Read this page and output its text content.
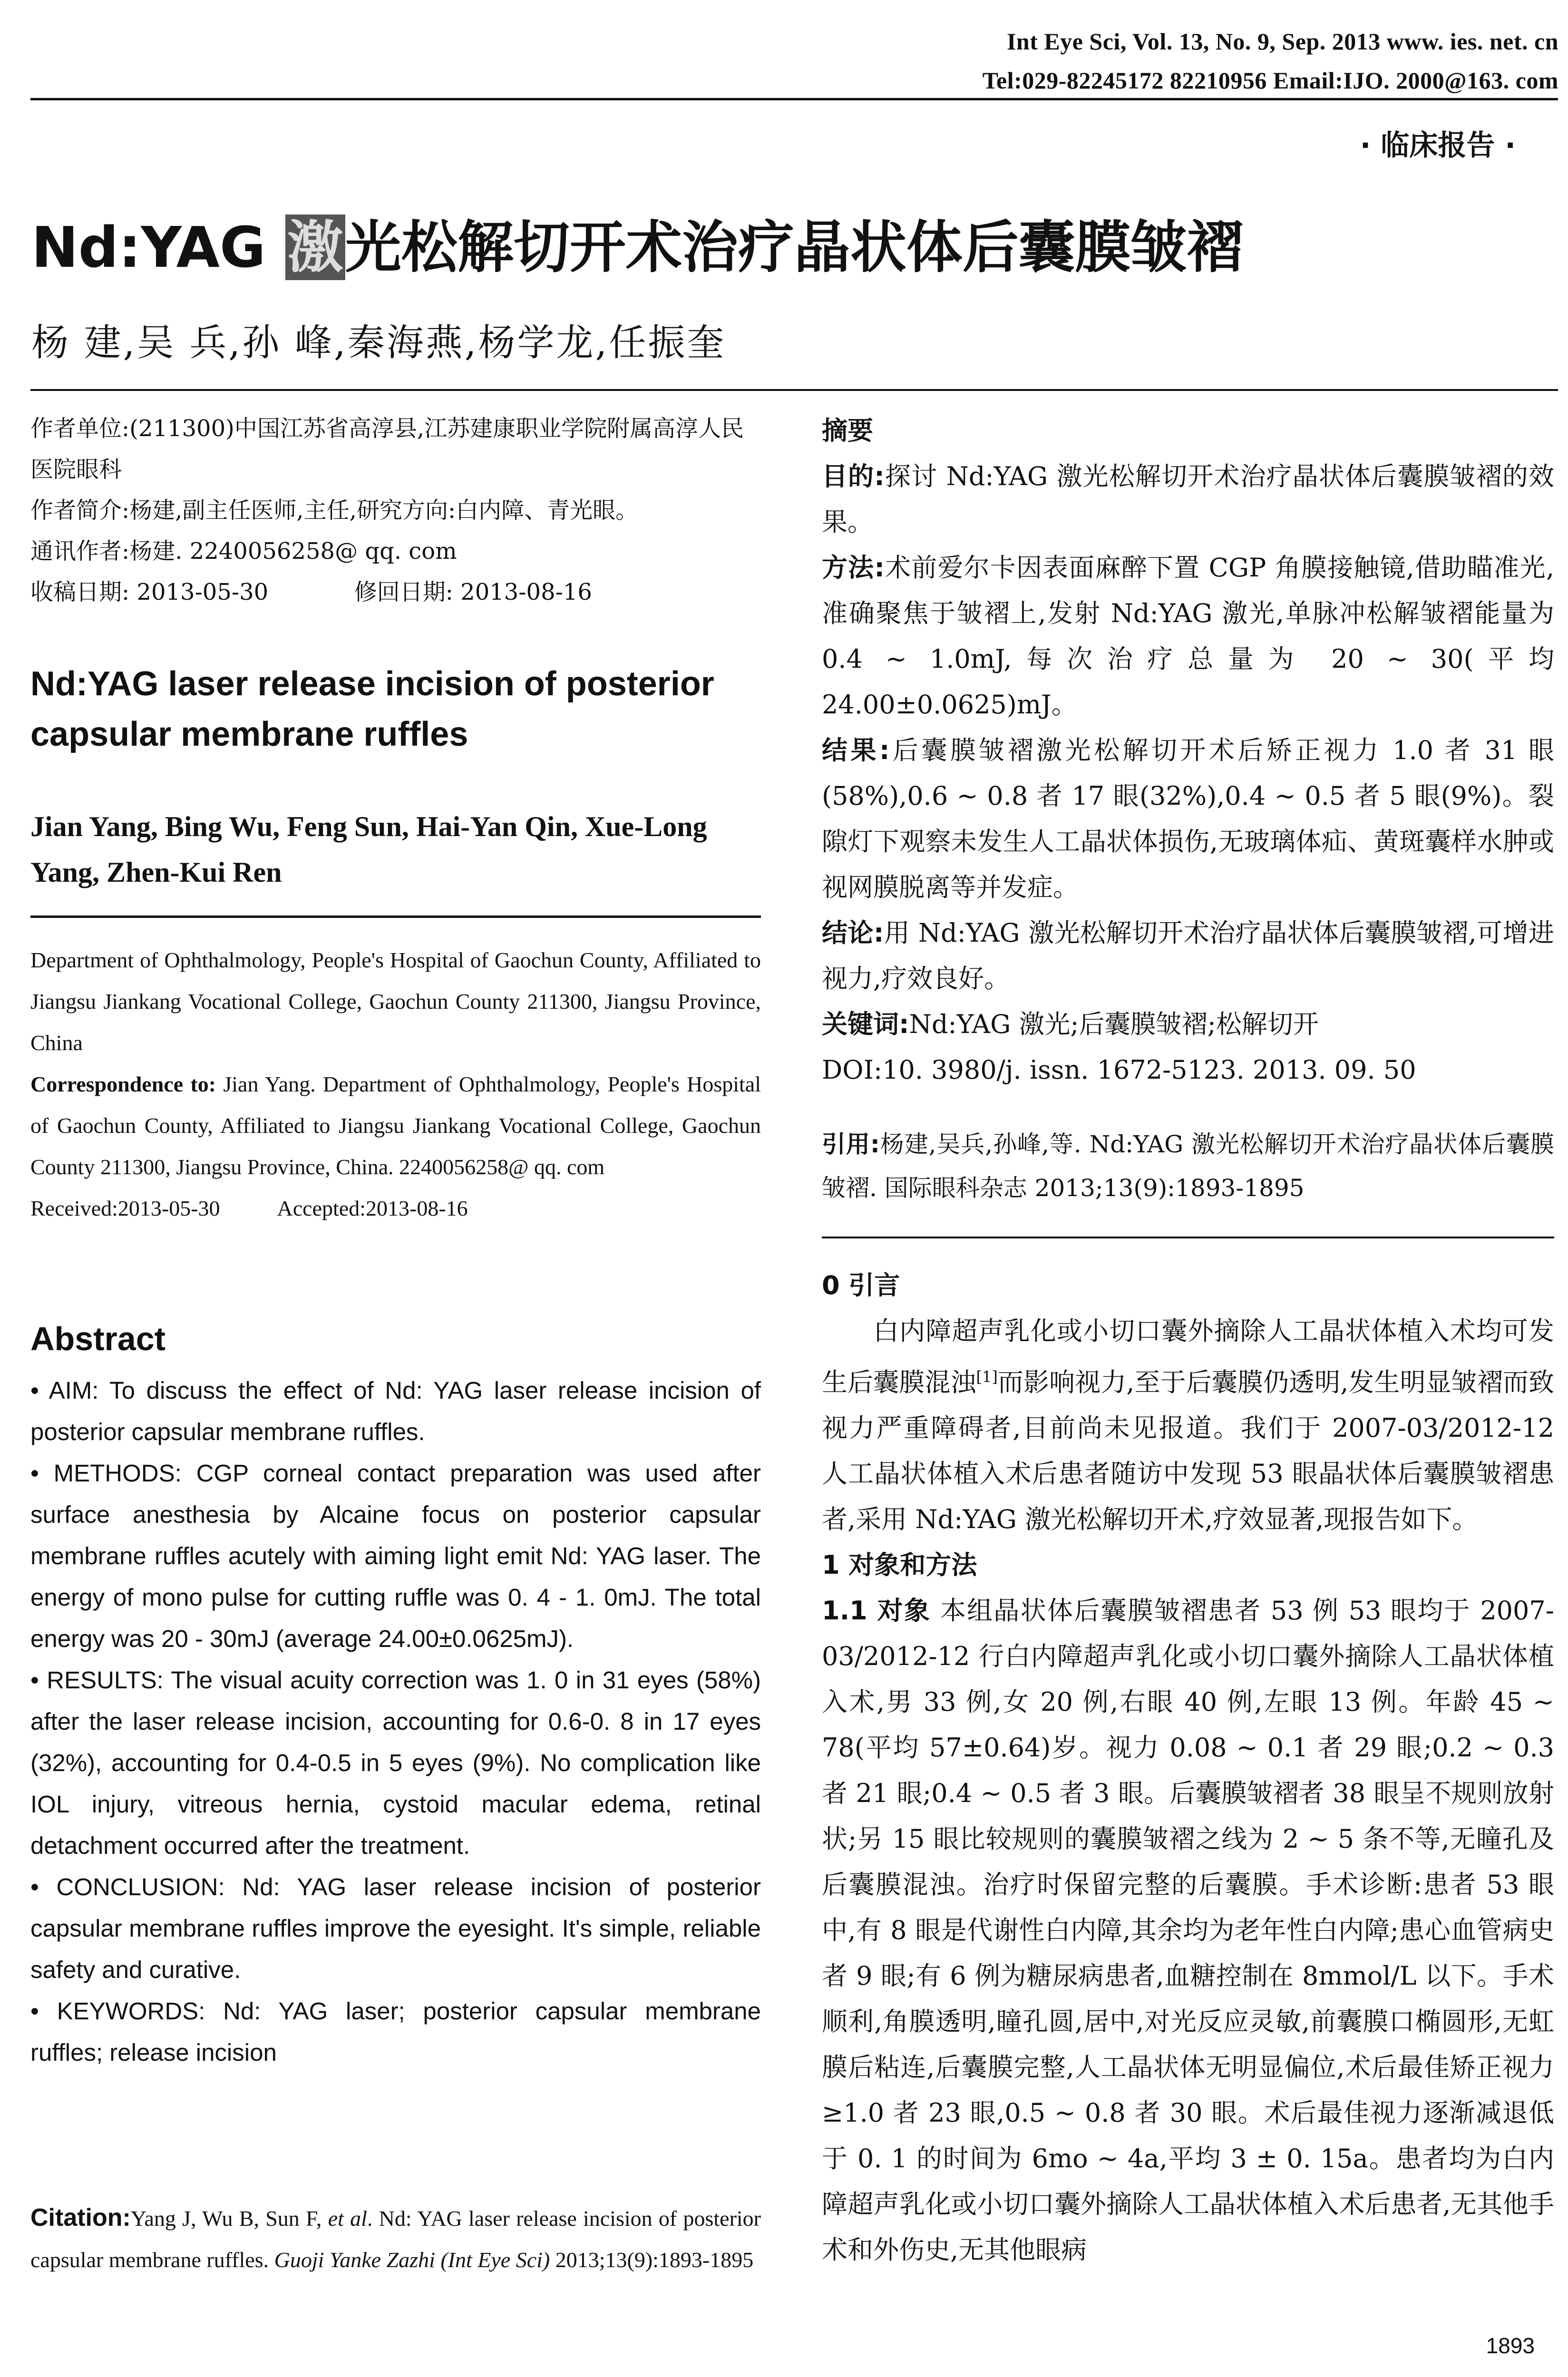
Int Eye Sci, Vol. 13, No. 9, Sep. 2013 www. ies. net. cn
Tel:029-82245172 82210956 Email:IJO. 2000@163. com
· 临床报告 ·
Nd:YAG 激光松解切开术治疗晶状体后囊膜皱褶
杨 建,吴 兵,孙 峰,秦海燕,杨学龙,任振奎

作者单位:(211300)中国江苏省高淳县,江苏建康职业学院附属高淳人民医院眼科

作者简介:杨建,副主任医师,主任,研究方向:白内障、青光眼。

通讯作者:杨建. 2240056258@ qq. com

收稿日期: 2013-05-30	修回日期: 2013-08-16

Nd:YAG laser release incision of posterior capsular membrane ruffles
Jian Yang, Bing Wu, Feng Sun, Hai-Yan Qin, Xue-Long Yang, Zhen-Kui Ren

Department of Ophthalmology, People's Hospital of Gaochun County, Affiliated to Jiangsu Jiankang Vocational College, Gaochun County 211300, Jiangsu Province, China

Correspondence to: Jian Yang. Department of Ophthalmology, People's Hospital of Gaochun County, Affiliated to Jiangsu Jiankang Vocational College, Gaochun County 211300, Jiangsu Province, China. 2240056258@ qq. com

Received:2013-05-30	Accepted:2013-08-16

Abstract

• AIM: To discuss the effect of Nd: YAG laser release incision of posterior capsular membrane ruffles.

• METHODS: CGP corneal contact preparation was used after surface anesthesia by Alcaine focus on posterior capsular membrane ruffles acutely with aiming light emit Nd: YAG laser. The energy of mono pulse for cutting ruffle was 0. 4 - 1. 0mJ. The total energy was 20 - 30mJ (average 24.00±0.0625mJ).

• RESULTS: The visual acuity correction was 1. 0 in 31 eyes (58%) after the laser release incision, accounting for 0.6-0. 8 in 17 eyes (32%), accounting for 0.4-0.5 in 5 eyes (9%). No complication like IOL injury, vitreous hernia, cystoid macular edema, retinal detachment occurred after the treatment.

• CONCLUSION: Nd: YAG laser release incision of posterior capsular membrane ruffles improve the eyesight. It's simple, reliable safety and curative.

• KEYWORDS: Nd: YAG laser; posterior capsular membrane ruffles; release incision

Citation:Yang J, Wu B, Sun F, et al. Nd: YAG laser release incision of posterior capsular membrane ruffles. Guoji Yanke Zazhi (Int Eye Sci) 2013;13(9):1893-1895

摘要

目的:探讨 Nd:YAG 激光松解切开术治疗晶状体后囊膜皱褶的效果。

方法:术前爱尔卡因表面麻醉下置 CGP 角膜接触镜,借助瞄准光,准确聚焦于皱褶上,发射 Nd:YAG 激光,单脉冲松解皱褶能量为 0.4 ~ 1.0mJ,每次治疗总量为 20 ~ 30(平均 24.00±0.0625)mJ。

结果:后囊膜皱褶激光松解切开术后矫正视力 1.0 者 31 眼(58%),0.6 ~ 0.8 者 17 眼(32%),0.4 ~ 0.5 者 5 眼(9%)。裂隙灯下观察未发生人工晶状体损伤,无玻璃体疝、黄斑囊样水肿或视网膜脱离等并发症。

结论:用 Nd:YAG 激光松解切开术治疗晶状体后囊膜皱褶,可增进视力,疗效良好。

关键词:Nd:YAG 激光;后囊膜皱褶;松解切开

DOI:10. 3980/j. issn. 1672-5123. 2013. 09. 50

引用:杨建,吴兵,孙峰,等. Nd:YAG 激光松解切开术治疗晶状体后囊膜皱褶. 国际眼科杂志 2013;13(9):1893-1895

0 引言

白内障超声乳化或小切口囊外摘除人工晶状体植入术均可发生后囊膜混浊[1]而影响视力,至于后囊膜仍透明,发生明显皱褶而致视力严重障碍者,目前尚未见报道。我们于 2007-03/2012-12 人工晶状体植入术后患者随访中发现 53 眼晶状体后囊膜皱褶患者,采用 Nd:YAG 激光松解切开术,疗效显著,现报告如下。

1 对象和方法

1.1 对象 本组晶状体后囊膜皱褶患者 53 例 53 眼均于 2007-03/2012-12 行白内障超声乳化或小切口囊外摘除人工晶状体植入术,男 33 例,女 20 例,右眼 40 例,左眼 13 例。年龄 45 ~ 78(平均 57±0.64)岁。视力 0.08 ~ 0.1 者 29 眼;0.2 ~ 0.3 者 21 眼;0.4 ~ 0.5 者 3 眼。后囊膜皱褶者 38 眼呈不规则放射状;另 15 眼比较规则的囊膜皱褶之线为 2 ~ 5 条不等,无瞳孔及后囊膜混浊。治疗时保留完整的后囊膜。手术诊断:患者 53 眼中,有 8 眼是代谢性白内障,其余均为老年性白内障;患心血管病史者 9 眼;有 6 例为糖尿病患者,血糖控制在 8mmol/L 以下。手术顺利,角膜透明,瞳孔圆,居中,对光反应灵敏,前囊膜口椭圆形,无虹膜后粘连,后囊膜完整,人工晶状体无明显偏位,术后最佳矫正视力≥1.0 者 23 眼,0.5 ~ 0.8 者 30 眼。术后最佳视力逐渐减退低于 0. 1 的时间为 6mo ~ 4a,平均 3 ± 0. 15a。患者均为白内障超声乳化或小切口囊外摘除人工晶状体植入术后患者,无其他手术和外伤史,无其他眼病

1893
